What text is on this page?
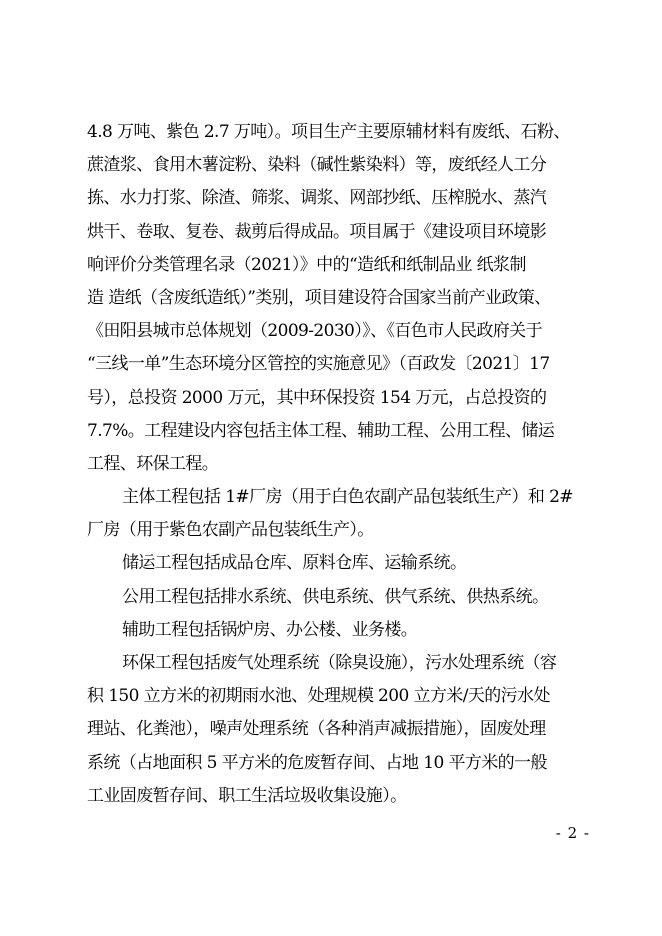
4.8 万吨、紫色 2.7 万吨）。项目生产主要原辅材料有废纸、石粉、
蔗渣浆、食用木薯淀粉、染料（碱性紫染料）等，废纸经人工分
拣、水力打浆、除渣、筛浆、调浆、网部抄纸、压榨脱水、蒸汽
烘干、卷取、复卷、裁剪后得成品。项目属于《建设项目环境影
响评价分类管理名录（2021）》中的“造纸和纸制品业 纸浆制
造 造纸（含废纸造纸）”类别，项目建设符合国家当前产业政策、
《田阳县城市总体规划（2009-2030）》、《百色市人民政府关于
“三线一单”生态环境分区管控的实施意见》（百政发〔2021〕17
号），总投资 2000 万元，其中环保投资 154 万元，占总投资的
7.7%。工程建设内容包括主体工程、辅助工程、公用工程、储运
工程、环保工程。
主体工程包括 1#厂房（用于白色农副产品包装纸生产）和 2#
厂房（用于紫色农副产品包装纸生产）。
储运工程包括成品仓库、原料仓库、运输系统。
公用工程包括排水系统、供电系统、供气系统、供热系统。
辅助工程包括锅炉房、办公楼、业务楼。
环保工程包括废气处理系统（除臭设施），污水处理系统（容
积 150 立方米的初期雨水池、处理规模 200 立方米/天的污水处
理站、化粪池），噪声处理系统（各种消声减振措施），固废处理
系统（占地面积 5 平方米的危废暂存间、占地 10 平方米的一般
工业固废暂存间、职工生活垃圾收集设施）。
- 2 -
